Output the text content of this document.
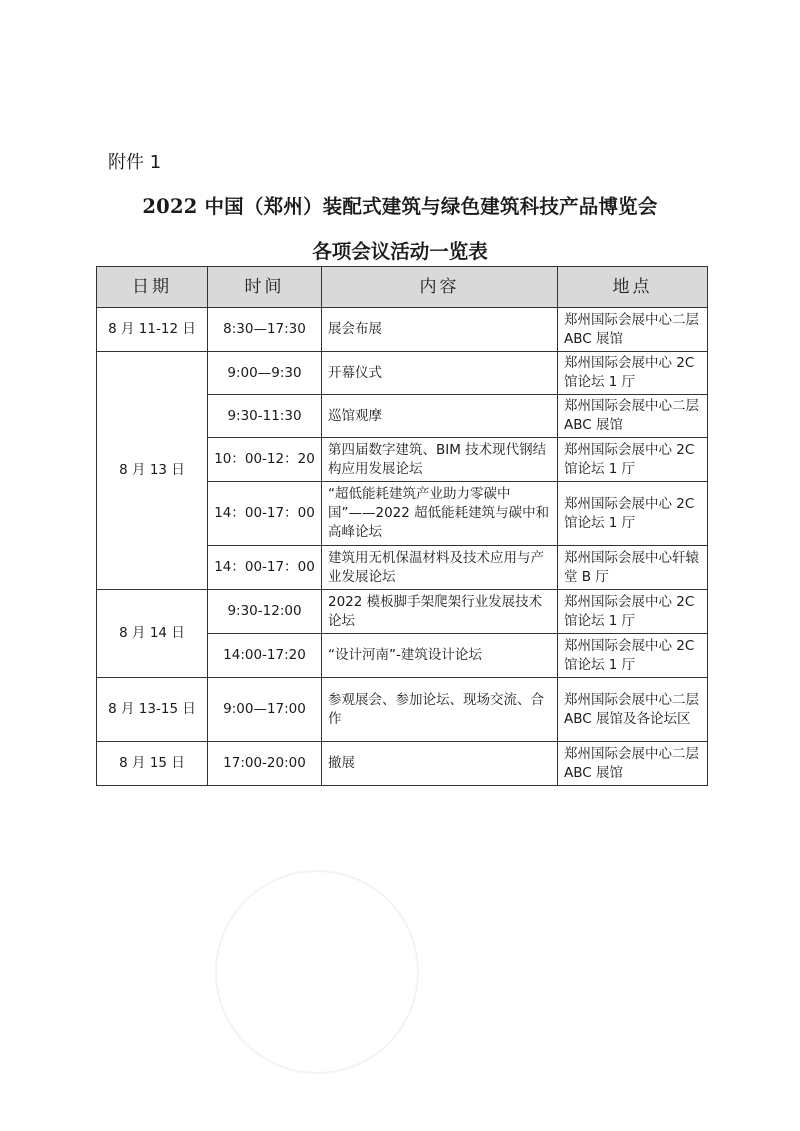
附件 1
2022 中国（郑州）装配式建筑与绿色建筑科技产品博览会
各项会议活动一览表
日期	时间	内容	地点
8 月 11-12 日	8:30—17:30	展会布展	郑州国际会展中心二层 ABC 展馆
8 月 13 日	9:00—9:30	开幕仪式	郑州国际会展中心 2C 馆论坛 1 厅
	9:30-11:30	巡馆观摩	郑州国际会展中心二层 ABC 展馆
	10：00-12：20	第四届数字建筑、BIM 技术现代钢结构应用发展论坛	郑州国际会展中心 2C 馆论坛 1 厅
	14：00-17：00	“超低能耗建筑产业助力零碳中国”——2022 超低能耗建筑与碳中和高峰论坛	郑州国际会展中心 2C 馆论坛 1 厅
	14：00-17：00	建筑用无机保温材料及技术应用与产业发展论坛	郑州国际会展中心轩辕堂 B 厅
8 月 14 日	9:30-12:00	2022 模板脚手架爬架行业发展技术论坛	郑州国际会展中心 2C 馆论坛 1 厅
	14:00-17:20	“设计河南”-建筑设计论坛	郑州国际会展中心 2C 馆论坛 1 厅
8 月 13-15 日	9:00—17:00	参观展会、参加论坛、现场交流、合作	郑州国际会展中心二层 ABC 展馆及各论坛区
8 月 15 日	17:00-20:00	撤展	郑州国际会展中心二层 ABC 展馆
